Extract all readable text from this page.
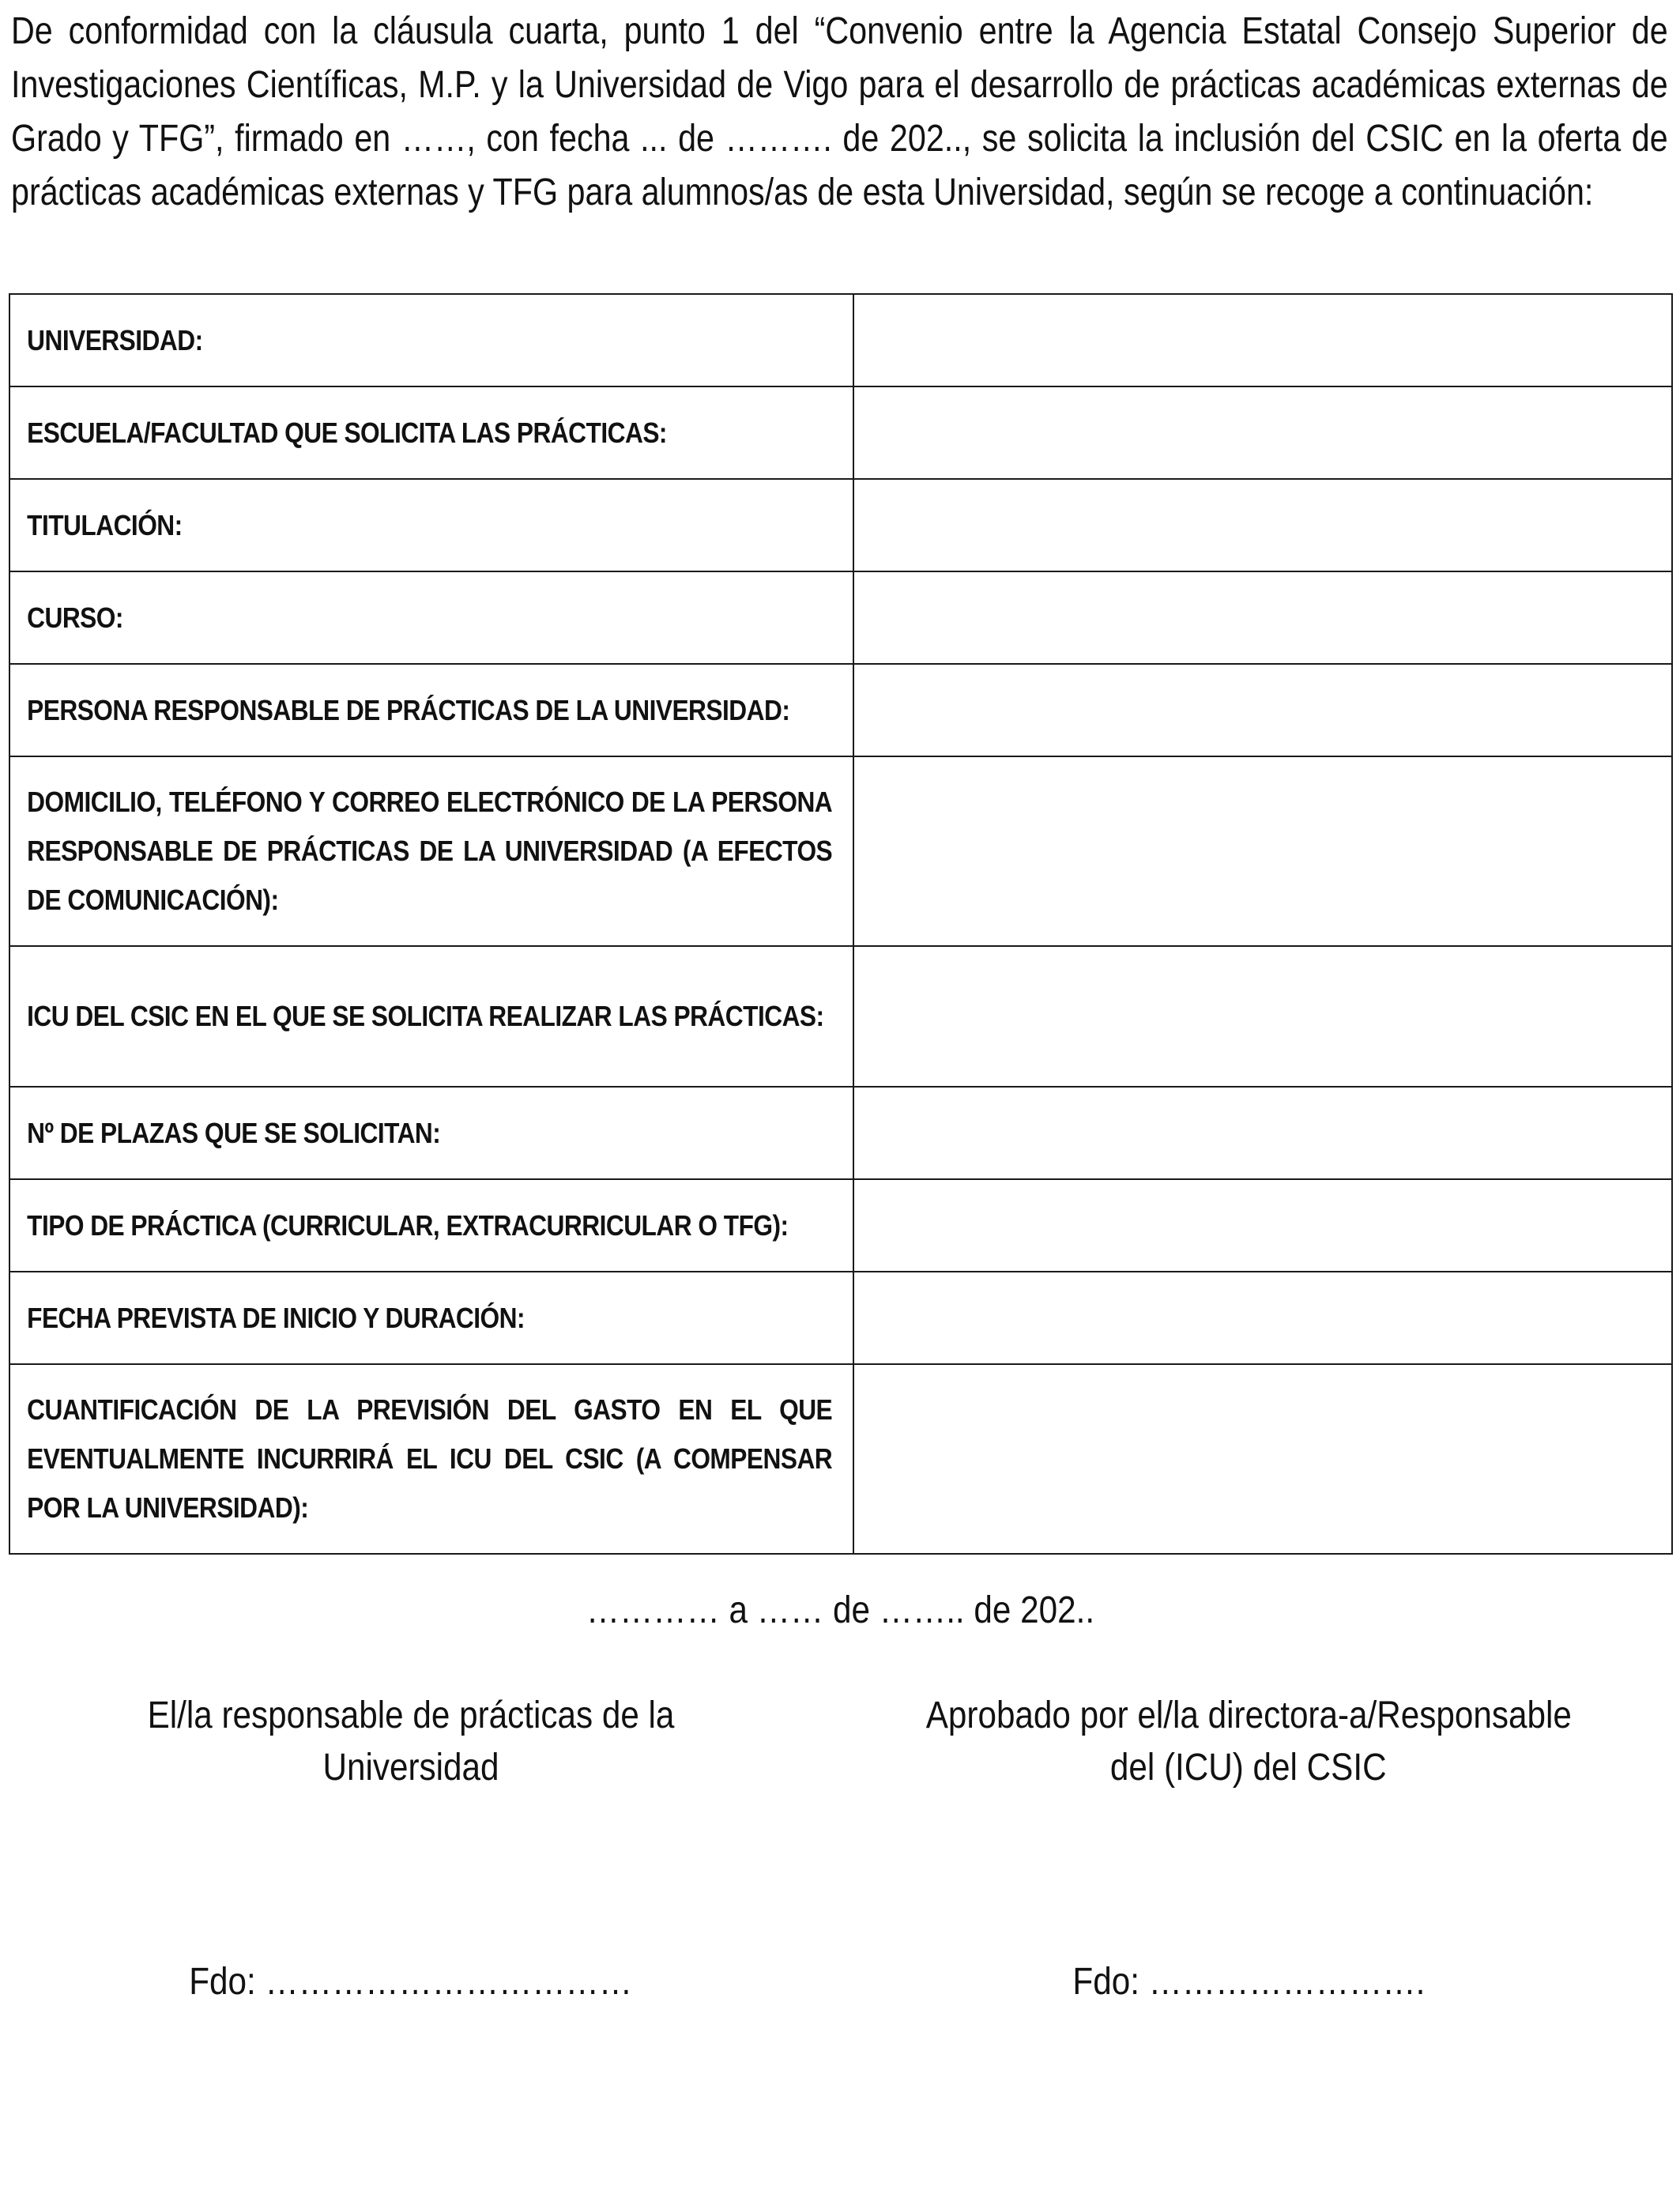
De conformidad con la cláusula cuarta, punto 1 del “Convenio entre la Agencia Estatal Consejo Superior de Investigaciones Científicas, M.P. y la Universidad de Vigo para el desarrollo de prácticas académicas externas de Grado y TFG”, firmado en ……, con fecha ... de ………. de 202.., se solicita la inclusión del CSIC en la oferta de prácticas académicas externas y TFG para alumnos/as de esta Universidad, según se recoge a continuación:
UNIVERSIDAD:	

ESCUELA/FACULTAD QUE SOLICITA LAS PRÁCTICAS:	

TITULACIÓN:	

CURSO:	

PERSONA RESPONSABLE DE PRÁCTICAS DE LA UNIVERSIDAD:	

DOMICILIO, TELÉFONO Y CORREO ELECTRÓNICO DE LA PERSONA RESPONSABLE DE PRÁCTICAS DE LA UNIVERSIDAD (A EFECTOS DE COMUNICACIÓN):	

ICU DEL CSIC EN EL QUE SE SOLICITA REALIZAR LAS PRÁCTICAS:	

Nº DE PLAZAS QUE SE SOLICITAN:	

TIPO DE PRÁCTICA (CURRICULAR, EXTRACURRICULAR O TFG):	

FECHA PREVISTA DE INICIO Y DURACIÓN:	

CUANTIFICACIÓN DE LA PREVISIÓN DEL GASTO EN EL QUE EVENTUALMENTE INCURRIRÁ EL ICU DEL CSIC (A COMPENSAR POR LA UNIVERSIDAD):	

………… a …… de …….. de 202..
El/la responsable de prácticas de la Universidad
Aprobado por el/la directora-a/Responsable
del (ICU) del CSIC
Fdo: ……………………………	Fdo: …………………….
